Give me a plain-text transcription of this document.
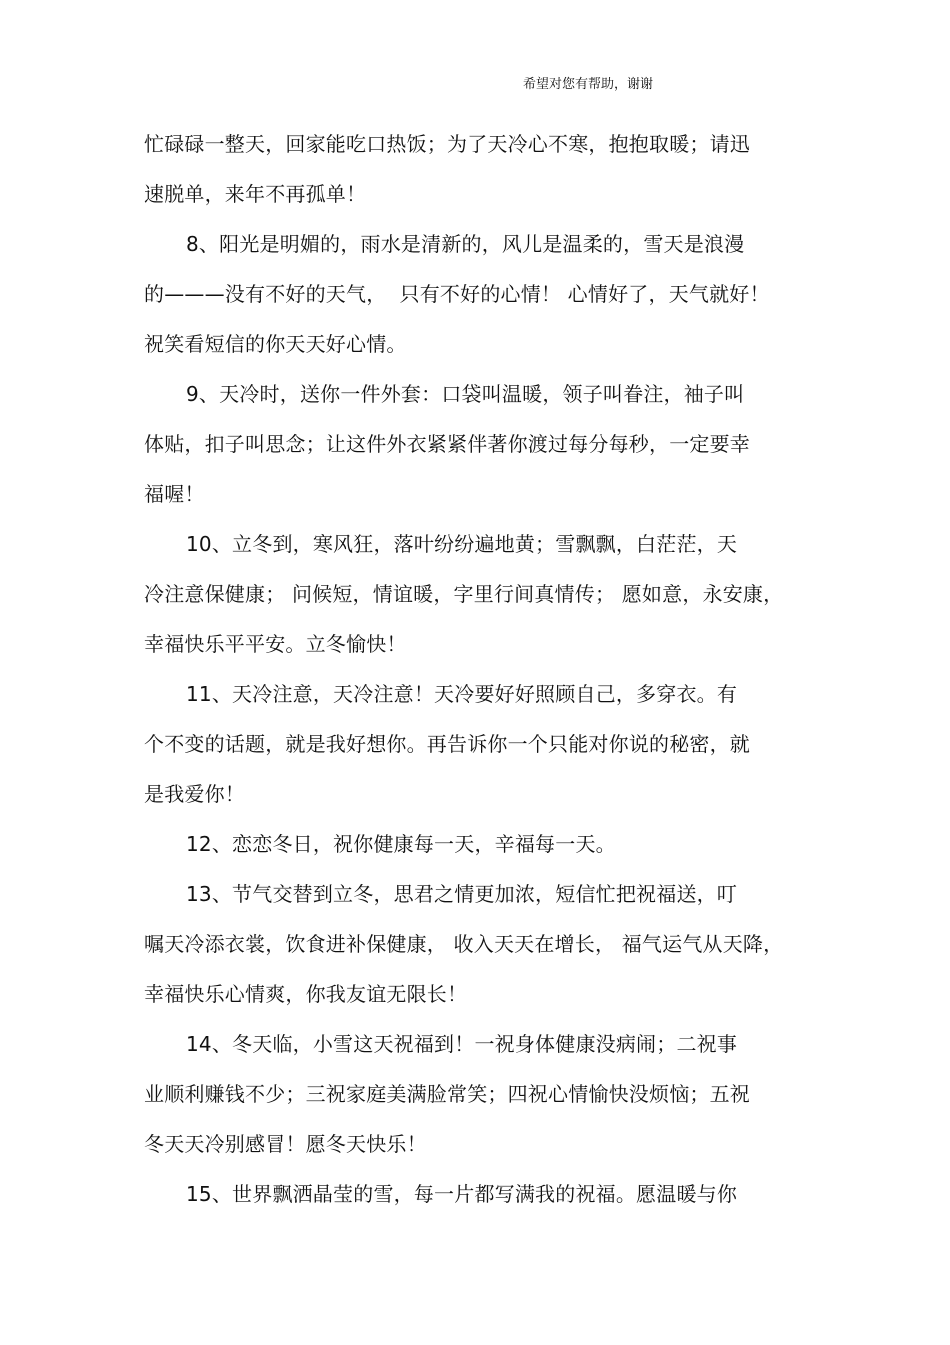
希望对您有帮助，谢谢
忙碌碌一整天，回家能吃口热饭；为了天冷心不寒，抱抱取暖；请迅
速脱单，来年不再孤单！
8、阳光是明媚的，雨水是清新的，风儿是温柔的，雪天是浪漫
的———没有不好的天气，  只有不好的心情！ 心情好了，天气就好！
祝笑看短信的你天天好心情。
9、天冷时，送你一件外套：口袋叫温暖，领子叫眷注，袖子叫
体贴，扣子叫思念；让这件外衣紧紧伴著你渡过每分每秒，一定要幸
福喔！
10、立冬到，寒风狂，落叶纷纷遍地黄；雪飘飘，白茫茫，天
冷注意保健康； 问候短，情谊暖，字里行间真情传； 愿如意，永安康，
幸福快乐平平安。立冬愉快！
11、天冷注意，天冷注意！天冷要好好照顾自己，多穿衣。有
个不变的话题，就是我好想你。再告诉你一个只能对你说的秘密，就
是我爱你！
12、恋恋冬日，祝你健康每一天，辛福每一天。
13、节气交替到立冬，思君之情更加浓，短信忙把祝福送，叮
嘱天冷添衣裳，饮食进补保健康， 收入天天在增长， 福气运气从天降，
幸福快乐心情爽，你我友谊无限长！
14、冬天临，小雪这天祝福到！一祝身体健康没病闹；二祝事
业顺利赚钱不少；三祝家庭美满脸常笑；四祝心情愉快没烦恼；五祝
冬天天冷别感冒！愿冬天快乐！
15、世界飘洒晶莹的雪，每一片都写满我的祝福。愿温暖与你
